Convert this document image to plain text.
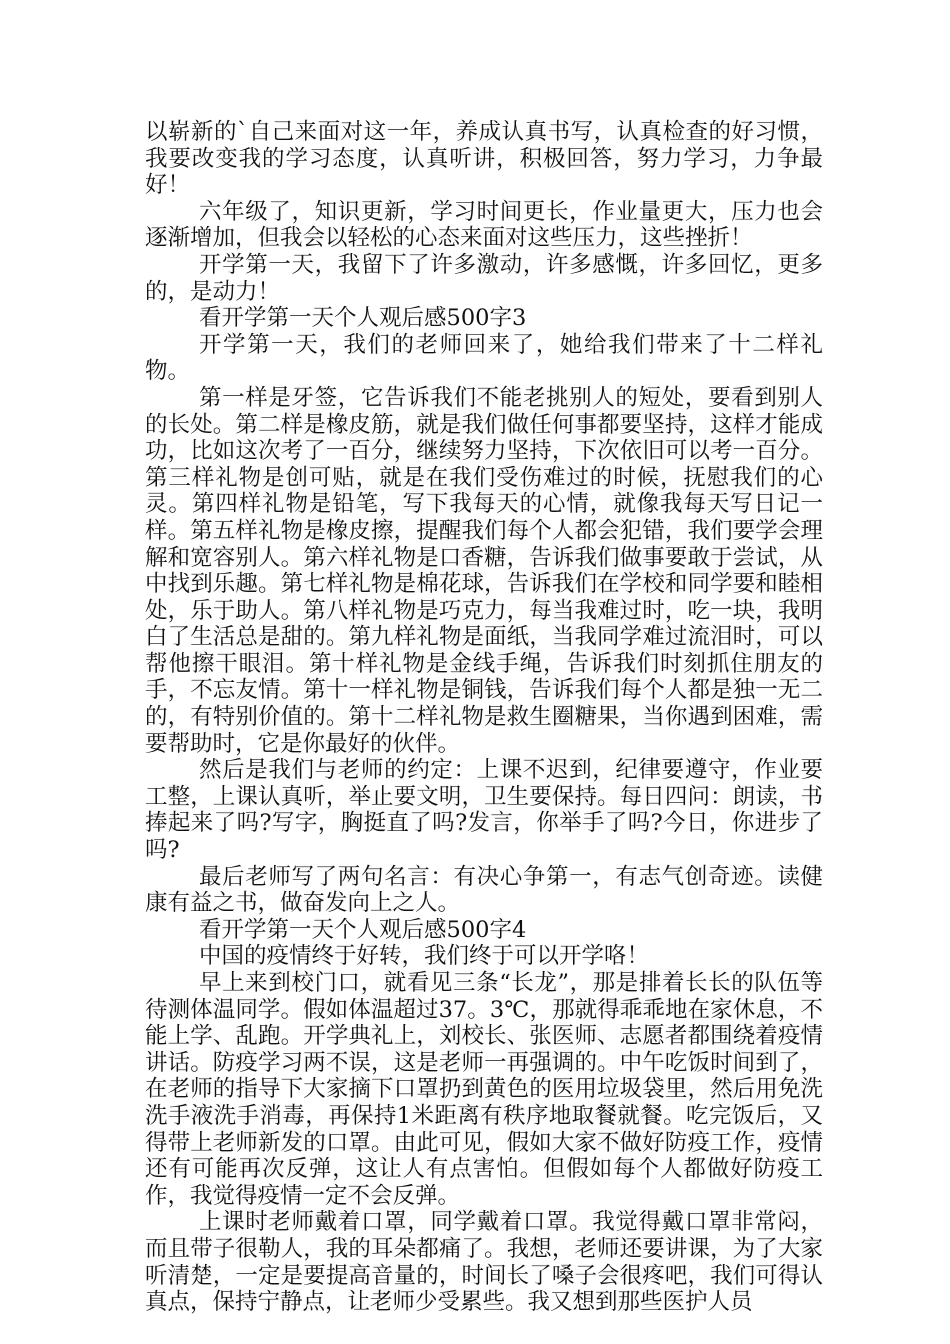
以崭新的`自己来面对这一年，养成认真书写，认真检查的好习惯，我要改变我的学习态度，认真听讲，积极回答，努力学习，力争最好！

六年级了，知识更新，学习时间更长，作业量更大，压力也会逐渐增加，但我会以轻松的心态来面对这些压力，这些挫折！

开学第一天，我留下了许多激动，许多感慨，许多回忆，更多的，是动力！

看开学第一天个人观后感500字3

开学第一天，我们的老师回来了，她给我们带来了十二样礼物。

第一样是牙签，它告诉我们不能老挑别人的短处，要看到别人的长处。第二样是橡皮筋，就是我们做任何事都要坚持，这样才能成功，比如这次考了一百分，继续努力坚持，下次依旧可以考一百分。第三样礼物是创可贴，就是在我们受伤难过的时候，抚慰我们的心灵。第四样礼物是铅笔，写下我每天的心情，就像我每天写日记一样。第五样礼物是橡皮擦，提醒我们每个人都会犯错，我们要学会理解和宽容别人。第六样礼物是口香糖，告诉我们做事要敢于尝试，从中找到乐趣。第七样礼物是棉花球，告诉我们在学校和同学要和睦相处，乐于助人。第八样礼物是巧克力，每当我难过时，吃一块，我明白了生活总是甜的。第九样礼物是面纸，当我同学难过流泪时，可以帮他擦干眼泪。第十样礼物是金线手绳，告诉我们时刻抓住朋友的手，不忘友情。第十一样礼物是铜钱，告诉我们每个人都是独一无二的，有特别价值的。第十二样礼物是救生圈糖果，当你遇到困难，需要帮助时，它是你最好的伙伴。

然后是我们与老师的约定：上课不迟到，纪律要遵守，作业要工整，上课认真听，举止要文明，卫生要保持。每日四问：朗读，书捧起来了吗?写字，胸挺直了吗?发言，你举手了吗?今日，你进步了吗?

最后老师写了两句名言：有决心争第一，有志气创奇迹。读健康有益之书，做奋发向上之人。

看开学第一天个人观后感500字4

中国的疫情终于好转，我们终于可以开学咯！

早上来到校门口，就看见三条“长龙”，那是排着长长的队伍等待测体温同学。假如体温超过37。3℃，那就得乖乖地在家休息，不能上学、乱跑。开学典礼上，刘校长、张医师、志愿者都围绕着疫情讲话。防疫学习两不误，这是老师一再强调的。中午吃饭时间到了，在老师的指导下大家摘下口罩扔到黄色的医用垃圾袋里，然后用免洗洗手液洗手消毒，再保持1米距离有秩序地取餐就餐。吃完饭后，又得带上老师新发的口罩。由此可见，假如大家不做好防疫工作，疫情还有可能再次反弹，这让人有点害怕。但假如每个人都做好防疫工作，我觉得疫情一定不会反弹。

上课时老师戴着口罩，同学戴着口罩。我觉得戴口罩非常闷，而且带子很勒人，我的耳朵都痛了。我想，老师还要讲课，为了大家听清楚，一定是要提高音量的，时间长了嗓子会很疼吧，我们可得认真点，保持宁静点，让老师少受累些。我又想到那些医护人员
